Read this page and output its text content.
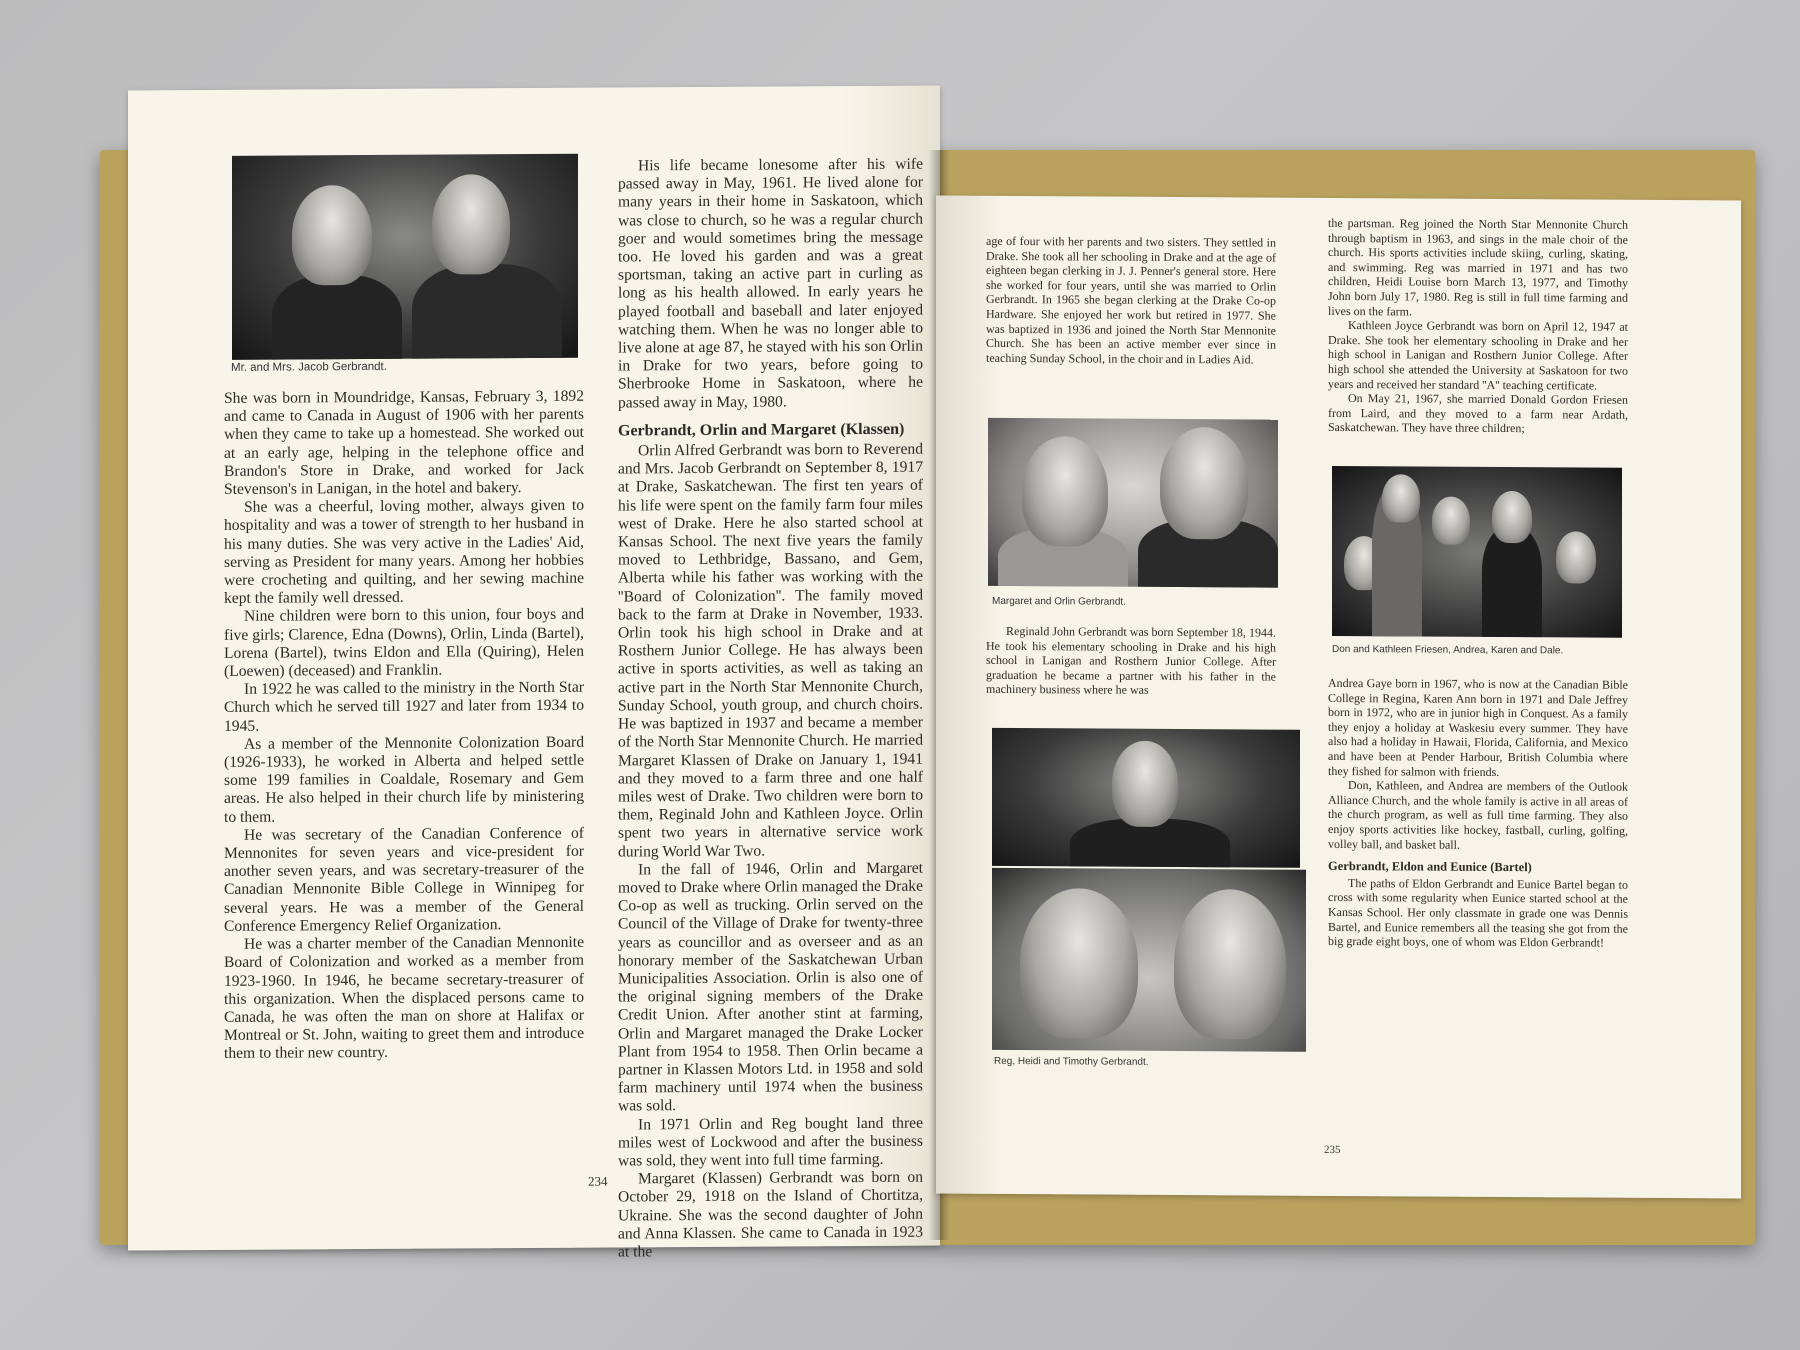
Mr. and Mrs. Jacob Gerbrandt.

She was born in Moundridge, Kansas, February 3, 1892 and came to Canada in August of 1906 with her parents when they came to take up a homestead. She worked out at an early age, helping in the telephone office and Brandon's Store in Drake, and worked for Jack Stevenson's in Lanigan, in the hotel and bakery.

She was a cheerful, loving mother, always given to hospitality and was a tower of strength to her husband in his many duties. She was very active in the Ladies' Aid, serving as President for many years. Among her hobbies were crocheting and quilting, and her sewing machine kept the family well dressed.

Nine children were born to this union, four boys and five girls; Clarence, Edna (Downs), Orlin, Linda (Bartel), Lorena (Bartel), twins Eldon and Ella (Quiring), Helen (Loewen) (deceased) and Franklin.

In 1922 he was called to the ministry in the North Star Church which he served till 1927 and later from 1934 to 1945.

As a member of the Mennonite Colonization Board (1926-1933), he worked in Alberta and helped settle some 199 families in Coaldale, Rosemary and Gem areas. He also helped in their church life by ministering to them.

He was secretary of the Canadian Conference of Mennonites for seven years and vice-president for another seven years, and was secretary-treasurer of the Canadian Mennonite Bible College in Winnipeg for several years. He was a member of the General Conference Emergency Relief Organization.

He was a charter member of the Canadian Mennonite Board of Colonization and worked as a member from 1923-1960. In 1946, he became secretary-treasurer of this organization. When the displaced persons came to Canada, he was often the man on shore at Halifax or Montreal or St. John, waiting to greet them and introduce them to their new country.

His life became lonesome after his wife passed away in May, 1961. He lived alone for many years in their home in Saskatoon, which was close to church, so he was a regular church goer and would sometimes bring the message too. He loved his garden and was a great sportsman, taking an active part in curling as long as his health allowed. In early years he played football and baseball and later enjoyed watching them. When he was no longer able to live alone at age 87, he stayed with his son Orlin in Drake for two years, before going to Sherbrooke Home in Saskatoon, where he passed away in May, 1980.

Gerbrandt, Orlin and Margaret (Klassen)

Orlin Alfred Gerbrandt was born to Reverend and Mrs. Jacob Gerbrandt on September 8, 1917 at Drake, Saskatchewan. The first ten years of his life were spent on the family farm four miles west of Drake. Here he also started school at Kansas School. The next five years the family moved to Lethbridge, Bassano, and Gem, Alberta while his father was working with the ''Board of Colonization''. The family moved back to the farm at Drake in November, 1933. Orlin took his high school in Drake and at Rosthern Junior College. He has always been active in sports activities, as well as taking an active part in the North Star Mennonite Church, Sunday School, youth group, and church choirs. He was baptized in 1937 and became a member of the North Star Mennonite Church. He married Margaret Klassen of Drake on January 1, 1941 and they moved to a farm three and one half miles west of Drake. Two children were born to them, Reginald John and Kathleen Joyce. Orlin spent two years in alternative service work during World War Two.

In the fall of 1946, Orlin and Margaret moved to Drake where Orlin managed the Drake Co-op as well as trucking. Orlin served on the Council of the Village of Drake for twenty-three years as councillor and as overseer and as an honorary member of the Saskatchewan Urban Municipalities Association. Orlin is also one of the original signing members of the Drake Credit Union. After another stint at farming, Orlin and Margaret managed the Drake Locker Plant from 1954 to 1958. Then Orlin became a partner in Klassen Motors Ltd. in 1958 and sold farm machinery until 1974 when the business was sold.

In 1971 Orlin and Reg bought land three miles west of Lockwood and after the business was sold, they went into full time farming.

Margaret (Klassen) Gerbrandt was born on October 29, 1918 on the Island of Chortitza, Ukraine. She was the second daughter of John and Anna Klassen. She came to Canada in 1923 at the

234

age of four with her parents and two sisters. They settled in Drake. She took all her schooling in Drake and at the age of eighteen began clerking in J. J. Penner's general store. Here she worked for four years, until she was married to Orlin Gerbrandt. In 1965 she began clerking at the Drake Co-op Hardware. She enjoyed her work but retired in 1977. She was baptized in 1936 and joined the North Star Mennonite Church. She has been an active member ever since in teaching Sunday School, in the choir and in Ladies Aid.

Margaret and Orlin Gerbrandt.

Reginald John Gerbrandt was born September 18, 1944. He took his elementary schooling in Drake and his high school in Lanigan and Rosthern Junior College. After graduation he became a partner with his father in the machinery business where he was

Reg, Heidi and Timothy Gerbrandt.

the partsman. Reg joined the North Star Mennonite Church through baptism in 1963, and sings in the male choir of the church. His sports activities include skiing, curling, skating, and swimming. Reg was married in 1971 and has two children, Heidi Louise born March 13, 1977, and Timothy John born July 17, 1980. Reg is still in full time farming and lives on the farm.

Kathleen Joyce Gerbrandt was born on April 12, 1947 at Drake. She took her elementary schooling in Drake and her high school in Lanigan and Rosthern Junior College. After high school she attended the University at Saskatoon for two years and received her standard ''A'' teaching certificate.

On May 21, 1967, she married Donald Gordon Friesen from Laird, and they moved to a farm near Ardath, Saskatchewan. They have three children;

Don and Kathleen Friesen, Andrea, Karen and Dale.

Andrea Gaye born in 1967, who is now at the Canadian Bible College in Regina, Karen Ann born in 1971 and Dale Jeffrey born in 1972, who are in junior high in Conquest. As a family they enjoy a holiday at Waskesiu every summer. They have also had a holiday in Hawaii, Florida, California, and Mexico and have been at Pender Harbour, British Columbia where they fished for salmon with friends.

Don, Kathleen, and Andrea are members of the Outlook Alliance Church, and the whole family is active in all areas of the church program, as well as full time farming. They also enjoy sports activities like hockey, fastball, curling, golfing, volley ball, and basket ball.

Gerbrandt, Eldon and Eunice (Bartel)

The paths of Eldon Gerbrandt and Eunice Bartel began to cross with some regularity when Eunice started school at the Kansas School. Her only classmate in grade one was Dennis Bartel, and Eunice remembers all the teasing she got from the big grade eight boys, one of whom was Eldon Gerbrandt!

235
